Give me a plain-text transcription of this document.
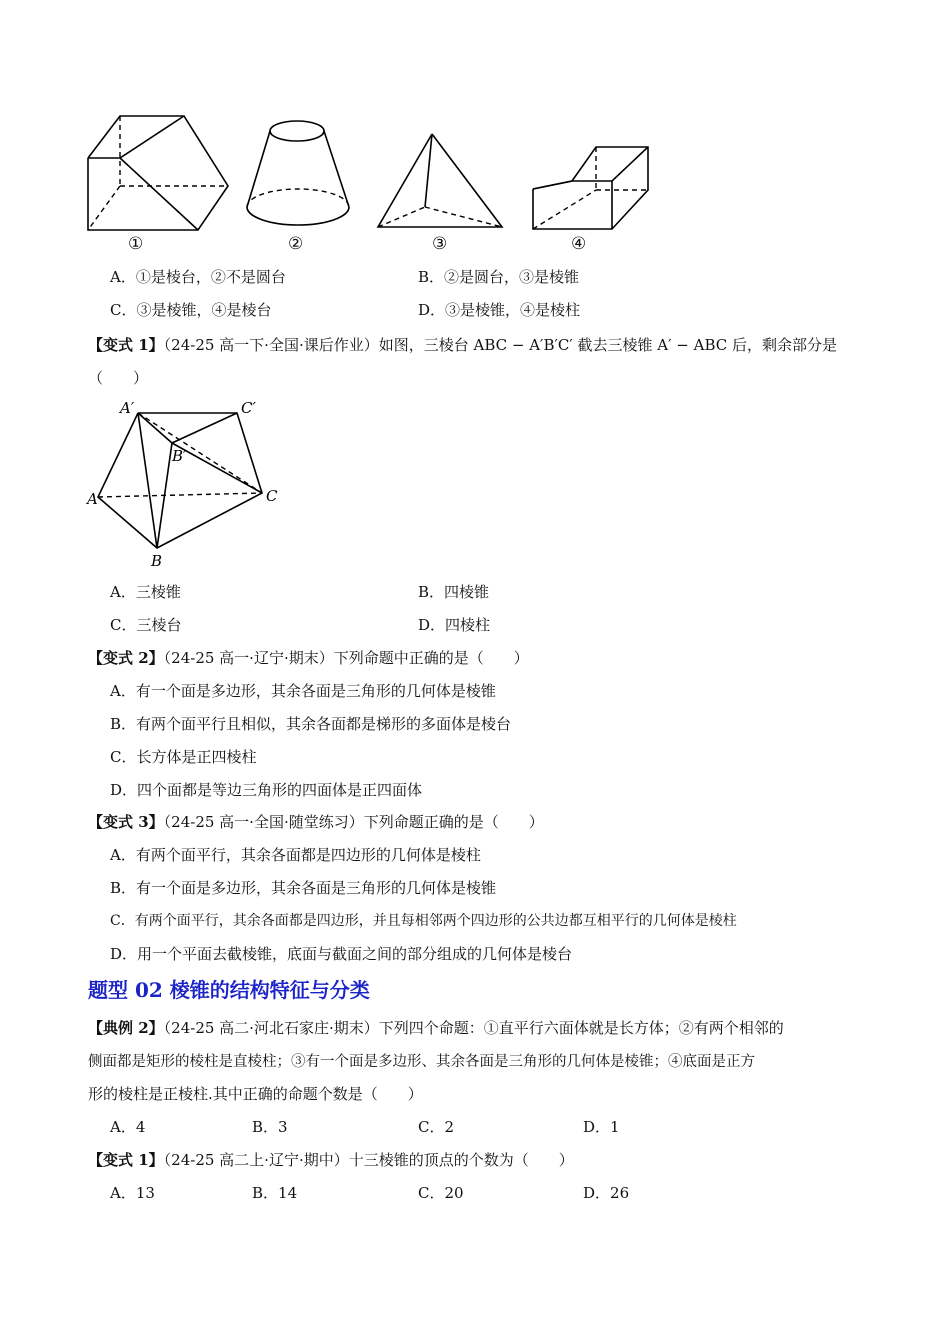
①	②	③	④
A．①是棱台，②不是圆台	B．②是圆台，③是棱锥
C．③是棱锥，④是棱台	D．③是棱锥，④是棱柱
【变式 1】（24-25 高一下·全国·课后作业）如图，三棱台 ABC − A′B′C′ 截去三棱锥 A′ − ABC 后，剩余部分是
（　　）
A′	C′
B′
A	C
B
A．三棱锥	B．四棱锥
C．三棱台	D．四棱柱
【变式 2】（24-25 高一·辽宁·期末）下列命题中正确的是（　　）
A．有一个面是多边形，其余各面是三角形的几何体是棱锥
B．有两个面平行且相似，其余各面都是梯形的多面体是棱台
C．长方体是正四棱柱
D．四个面都是等边三角形的四面体是正四面体
【变式 3】（24-25 高一·全国·随堂练习）下列命题正确的是（　　）
A．有两个面平行，其余各面都是四边形的几何体是棱柱
B．有一个面是多边形，其余各面是三角形的几何体是棱锥
C．有两个面平行，其余各面都是四边形，并且每相邻两个四边形的公共边都互相平行的几何体是棱柱
D．用一个平面去截棱锥，底面与截面之间的部分组成的几何体是棱台
题型 02 棱锥的结构特征与分类
【典例 2】（24-25 高二·河北石家庄·期末）下列四个命题：①直平行六面体就是长方体；②有两个相邻的
侧面都是矩形的棱柱是直棱柱；③有一个面是多边形、其余各面是三角形的几何体是棱锥；④底面是正方
形的棱柱是正棱柱.其中正确的命题个数是（　　）
A．4	B．3	C．2	D．1
【变式 1】（24-25 高二上·辽宁·期中）十三棱锥的顶点的个数为（　　）
A．13	B．14	C．20	D．26
